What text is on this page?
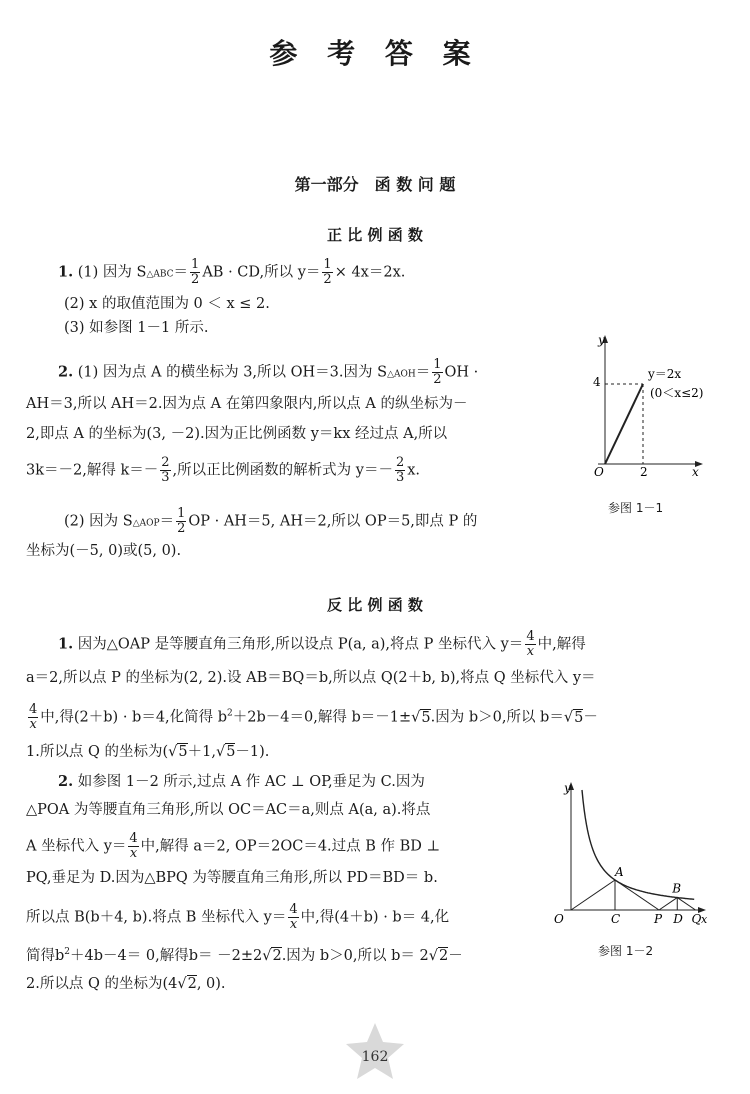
参 考 答 案
第一部分　函 数 问 题
正 比 例 函 数
1. (1) 因为 S△ABC＝ $\frac{1}{2}$ AB · CD,所以 $y= \frac{1}{2} \times 4x=2x$.
(2) x 的取值范围为 0 ＜ x ≤ 2.
(3) 如参图 1－1 所示.
2. (1) 因为点 A 的横坐标为 3,所以 OH＝3.因为 S△AOH＝ $\frac{1}{2}$ OH ·
AH＝3,所以 AH＝2.因为点 A 在第四象限内,所以点 A 的纵坐标为－
2,即点 A 的坐标为(3, －2).因为正比例函数 y＝kx 经过点 A,所以
3k＝－2,解得 $k=- \frac{2}{3}$ ,所以正比例函数的解析式为 $y=- \frac{2}{3} x$.
(2) 因为 S△AOP＝ $\frac{1}{2}$ OP · AH＝5, AH＝2,所以 OP＝5,即点 P 的
坐标为(－5, 0)或(5, 0).
y
x
O
4
2
y＝2x
(0＜x≤2)
参图 1－1
反 比 例 函 数
1. 因为△OAP 是等腰直角三角形,所以设点 P(a, a),将点 P 坐标代入 $y= \frac{4}{x}$ 中,解得
a＝2,所以点 P 的坐标为(2, 2).设 AB＝BQ＝b,所以点 Q(2＋b, b),将点 Q 坐标代入 y＝
$\frac{4}{x}$ 中,得(2＋b) · b＝4,化简得 $b^2+2b-4=0$,解得 b＝－1±√5.因为 b＞0,所以 b＝√5－
1.所以点 Q 的坐标为(√5＋1,√5－1).
2. 如参图 1－2 所示,过点 A 作 AC ⊥ OP,垂足为 C.因为
△POA 为等腰直角三角形,所以 OC＝AC＝a,则点 A(a, a).将点
A 坐标代入 $y= \frac{4}{x}$ 中,解得 a＝2, OP＝2OC＝4.过点 B 作 BD ⊥
PQ,垂足为 D.因为△BPQ 为等腰直角三角形,所以 PD＝BD＝ b.
所以点 B(b＋4, b).将点 B 坐标代入 $y= \frac{4}{x}$ 中,得(4＋b) · b＝ 4,化
简得$b^2+4b-4= 0$,解得b＝ －2±2√2.因为 b＞0,所以 b＝ 2√2－
2.所以点 Q 的坐标为(4√2, 0).
y
x
O
A
B
C	P D Q
参图 1－2
162
